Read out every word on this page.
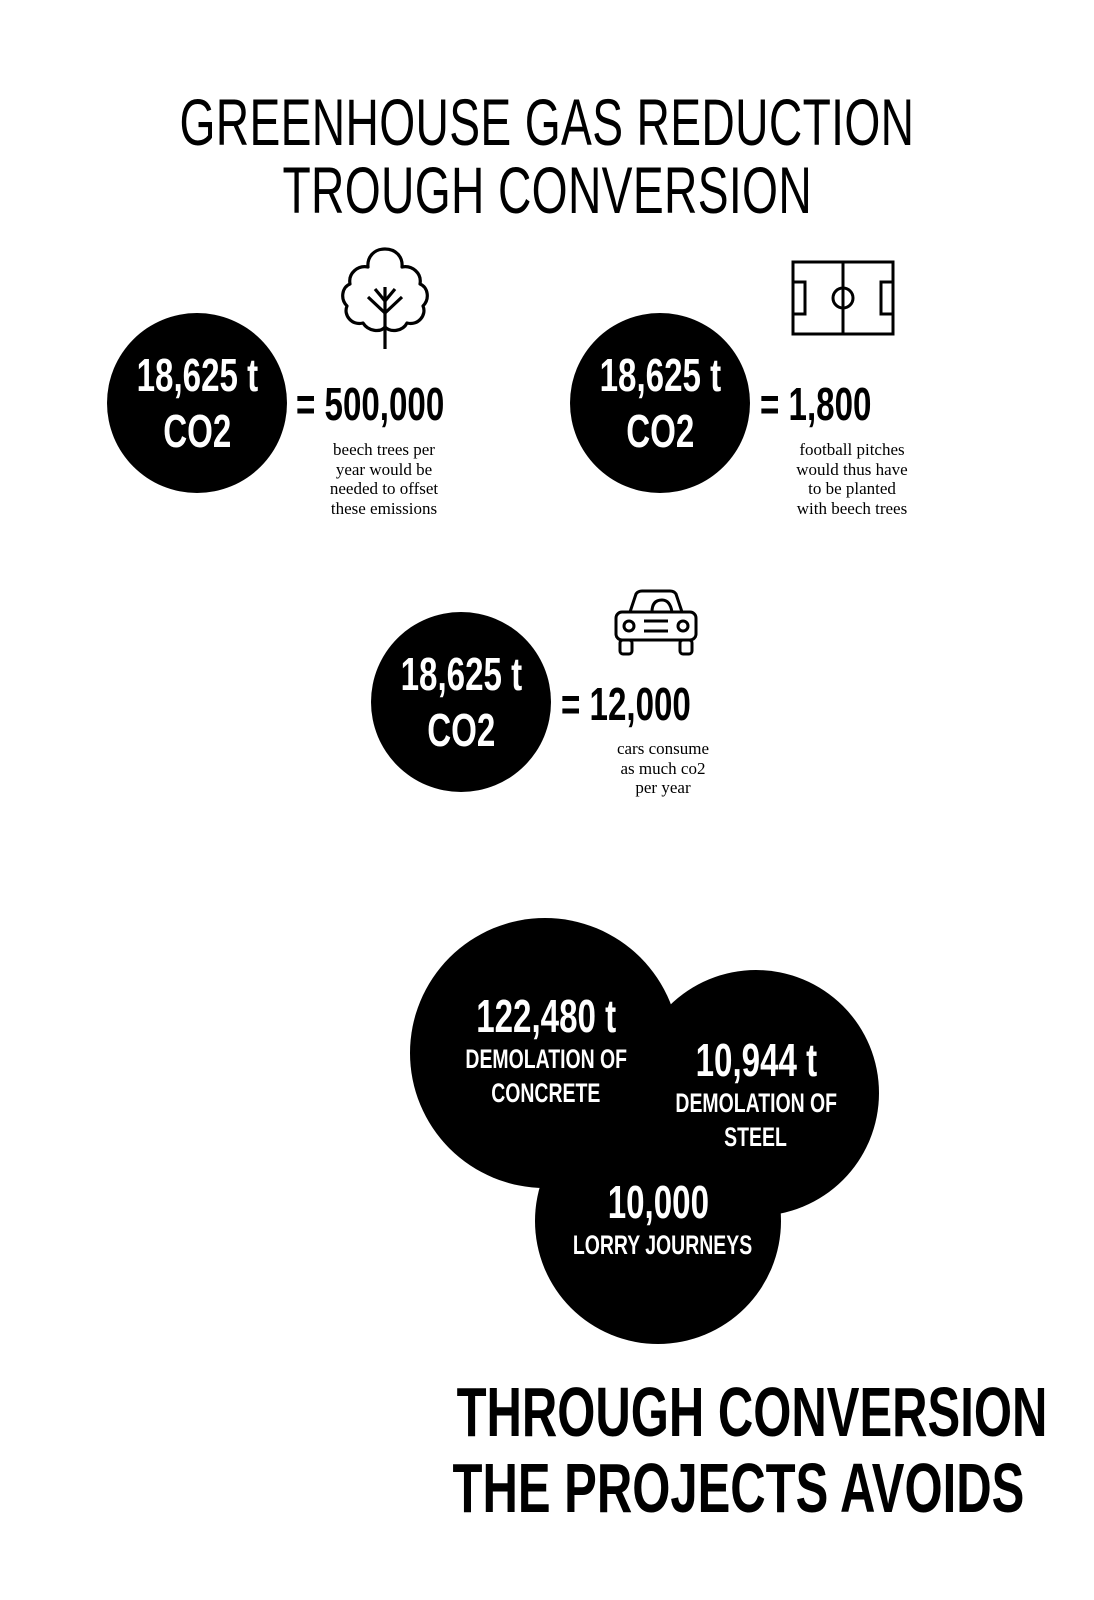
GREENHOUSE GAS REDUCTION
TROUGH CONVERSION
18,625 t
CO2
= 500,000
beech trees per
year would be
needed to offset
these emissions
18,625 t
CO2
= 1,800
football pitches
would thus have
to be planted
with beech trees
18,625 t
CO2 = 12,000
cars consume
as much co2
per year
122,480 t
DEMOLATION OF
CONCRETE
10,944 t
DEMOLATION OF
STEEL
10,000
LORRY JOURNEYS
THROUGH CONVERSION
THE PROJECTS AVOIDS
